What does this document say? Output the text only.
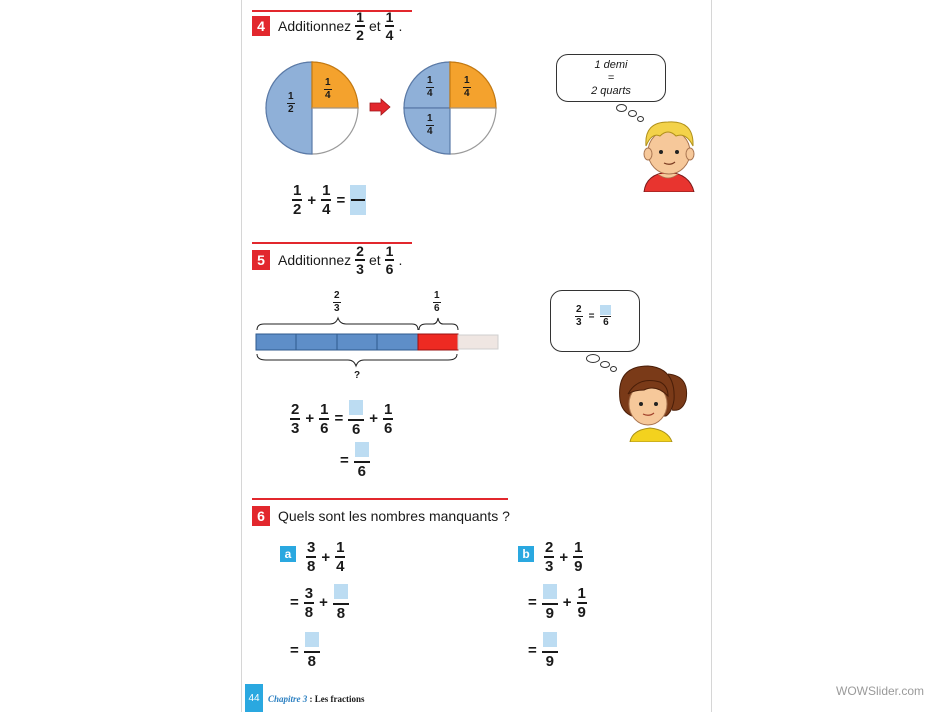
4 Additionnez $\frac{1}{2}$ et $\frac{1}{4}$ .
1
2
1
4
1
4
1
4
1
4
1 demi
=
2 quarts
$\frac{1}{2} + \frac{1}{4}$ =
5 Additionnez $\frac{2}{3}$ et $\frac{1}{6}$ .
2
3
1
6
?
$\frac{2}{3}$ =
6
$\frac{2}{3} + \frac{1}{6}$ =
6
+ $\frac{1}{6}$
=
6
6 Quels sont les nombres manquants ?
a $\frac{3}{8} + \frac{1}{4}$
= $\frac{3}{8}$ +
8
=
8
b $\frac{2}{3} + \frac{1}{9}$
=
9
+ $\frac{1}{9}$
=
9
44 Chapitre 3 : Les fractions
WOWSlider.com
